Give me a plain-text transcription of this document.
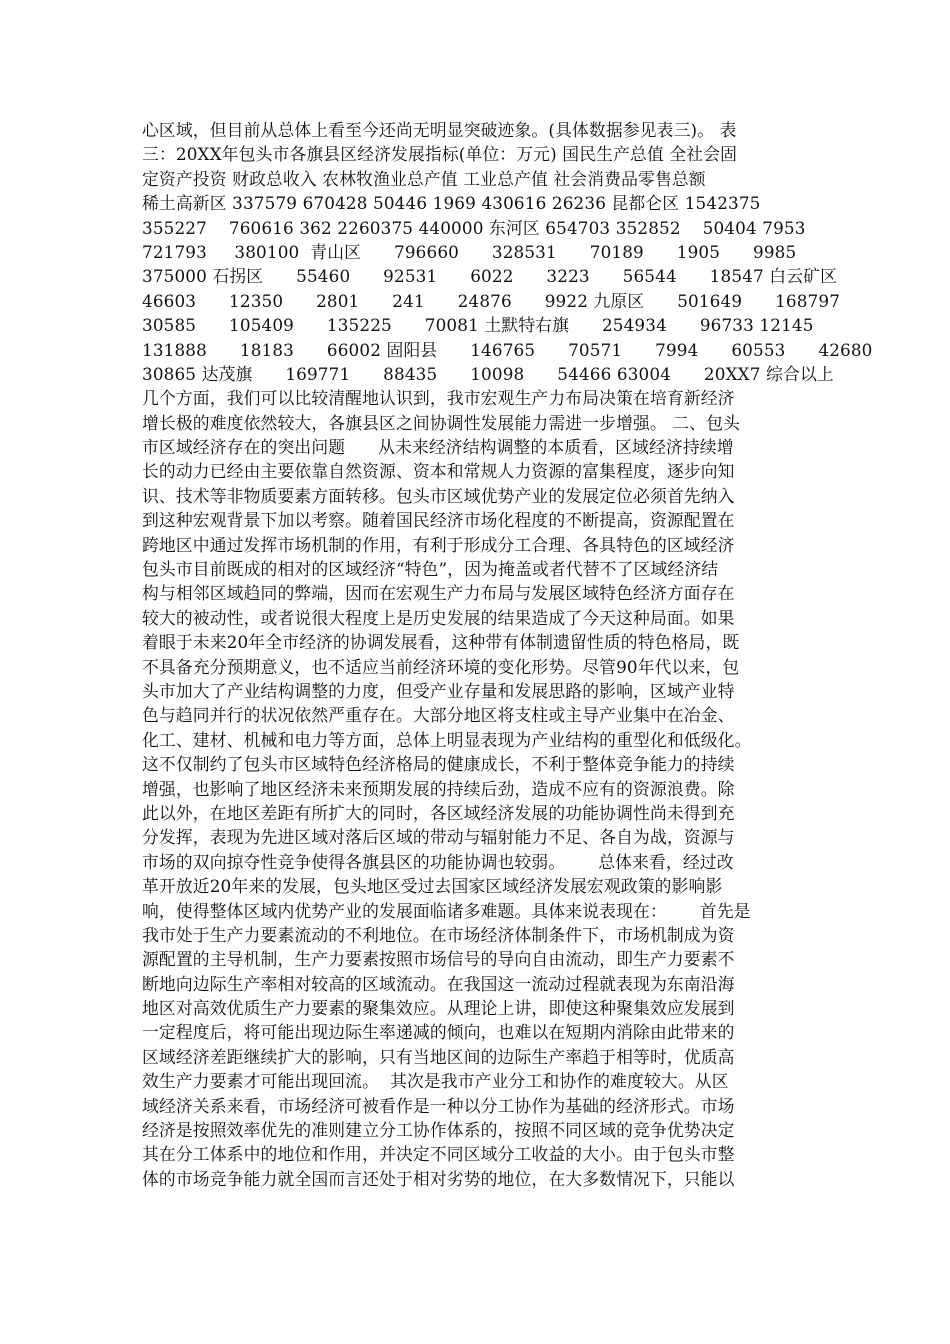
心区域，但目前从总体上看至今还尚无明显突破迹象。(具体数据参见表三)。 表
三：20XX年包头市各旗县区经济发展指标(单位：万元) 国民生产总值 全社会固
定资产投资 财政总收入 农林牧渔业总产值 工业总产值 社会消费品零售总额
稀土高新区 337579 670428 50446 1969 430616 26236 昆都仑区 1542375
355227    760616 362 2260375 440000 东河区 654703 352852    50404 7953
721793     380100  青山区      796660      328531      70189      1905      9985
375000 石拐区      55460      92531      6022      3223      56544      18547 白云矿区
46603      12350      2801      241      24876      9922 九原区      501649      168797
30585      105409      135225      70081 土默特右旗      254934      96733 12145
131888      18183      66002 固阳县      146765      70571      7994      60553      42680
30865 达茂旗      169771      88435      10098      54466 63004      20XX7 综合以上
几个方面，我们可以比较清醒地认识到，我市宏观生产力布局决策在培育新经济
增长极的难度依然较大，各旗县区之间协调性发展能力需进一步增强。 二、包头
市区域经济存在的突出问题      从未来经济结构调整的本质看，区域经济持续增
长的动力已经由主要依靠自然资源、资本和常规人力资源的富集程度，逐步向知
识、技术等非物质要素方面转移。包头市区域优势产业的发展定位必须首先纳入
到这种宏观背景下加以考察。随着国民经济市场化程度的不断提高，资源配置在
跨地区中通过发挥市场机制的作用，有利于形成分工合理、各具特色的区域经济
包头市目前既成的相对的区域经济“特色”，因为掩盖或者代替不了区域经济结
构与相邻区域趋同的弊端，因而在宏观生产力布局与发展区域特色经济方面存在
较大的被动性，或者说很大程度上是历史发展的结果造成了今天这种局面。如果
着眼于未来20年全市经济的协调发展看，这种带有体制遗留性质的特色格局，既
不具备充分预期意义，也不适应当前经济环境的变化形势。尽管90年代以来，包
头市加大了产业结构调整的力度，但受产业存量和发展思路的影响，区域产业特
色与趋同并行的状况依然严重存在。大部分地区将支柱或主导产业集中在冶金、
化工、建材、机械和电力等方面，总体上明显表现为产业结构的重型化和低级化。
这不仅制约了包头市区域特色经济格局的健康成长，不利于整体竞争能力的持续
增强，也影响了地区经济未来预期发展的持续后劲，造成不应有的资源浪费。除
此以外，在地区差距有所扩大的同时，各区域经济发展的功能协调性尚未得到充
分发挥，表现为先进区域对落后区域的带动与辐射能力不足、各自为战，资源与
市场的双向掠夺性竞争使得各旗县区的功能协调也较弱。      总体来看，经过改
革开放近20年来的发展，包头地区受过去国家区域经济发展宏观政策的影响影
响，使得整体区域内优势产业的发展面临诸多难题。具体来说表现在：      首先是
我市处于生产力要素流动的不利地位。在市场经济体制条件下，市场机制成为资
源配置的主导机制，生产力要素按照市场信号的导向自由流动，即生产力要素不
断地向边际生产率相对较高的区域流动。在我国这一流动过程就表现为东南沿海
地区对高效优质生产力要素的聚集效应。从理论上讲，即使这种聚集效应发展到
一定程度后，将可能出现边际生率递减的倾向，也难以在短期内消除由此带来的
区域经济差距继续扩大的影响，只有当地区间的边际生产率趋于相等时，优质高
效生产力要素才可能出现回流。  其次是我市产业分工和协作的难度较大。从区
域经济关系来看，市场经济可被看作是一种以分工协作为基础的经济形式。市场
经济是按照效率优先的准则建立分工协作体系的，按照不同区域的竞争优势决定
其在分工体系中的地位和作用，并决定不同区域分工收益的大小。由于包头市整
体的市场竞争能力就全国而言还处于相对劣势的地位，在大多数情况下，只能以
